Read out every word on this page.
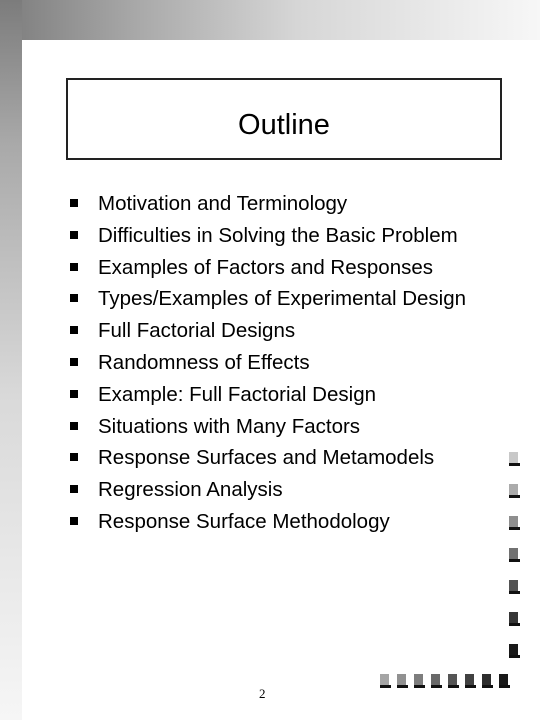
Outline
Motivation and Terminology
Difficulties in Solving the Basic Problem
Examples of Factors and Responses
Types/Examples of Experimental Design
Full Factorial Designs
Randomness of Effects
Example: Full Factorial Design
Situations with Many Factors
Response Surfaces and Metamodels
Regression Analysis
Response Surface Methodology
2
